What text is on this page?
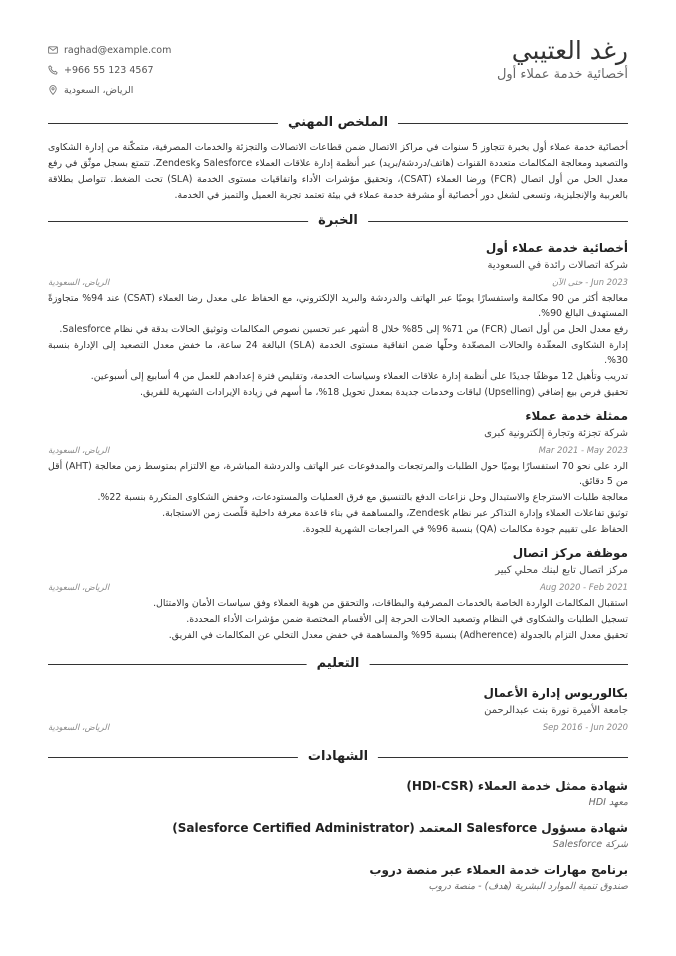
رغد العتيبي
أخصائية خدمة عملاء أول
raghad@example.com
+966 55 123 4567
الرياض، السعودية
الملخص المهني
أخصائية خدمة عملاء أول بخبرة تتجاوز 5 سنوات في مراكز الاتصال ضمن قطاعات الاتصالات والتجزئة والخدمات المصرفية، متمكّنة من إدارة الشكاوى والتصعيد ومعالجة المكالمات متعددة القنوات (هاتف/دردشة/بريد) عبر أنظمة إدارة علاقات العملاء Salesforce وZendesk. تتمتع بسجل موثّق في رفع معدل الحل من أول اتصال (FCR) ورضا العملاء (CSAT)، وتحقيق مؤشرات الأداء واتفاقيات مستوى الخدمة (SLA) تحت الضغط. تتواصل بطلاقة بالعربية والإنجليزية، وتسعى لشغل دور أخصائية أو مشرفة خدمة عملاء في بيئة تعتمد تجربة العميل والتميز في الخدمة.
الخبرة
أخصائية خدمة عملاء أول
شركة اتصالات رائدة في السعودية
Jun 2023 - حتى الآن
الرياض، السعودية
معالجة أكثر من 90 مكالمة واستفسارًا يوميًا عبر الهاتف والدردشة والبريد الإلكتروني، مع الحفاظ على معدل رضا العملاء (CSAT) عند 94% متجاوزةً المستهدف البالغ 90%.
رفع معدل الحل من أول اتصال (FCR) من 71% إلى 85% خلال 8 أشهر عبر تحسين نصوص المكالمات وتوثيق الحالات بدقة في نظام Salesforce.
إدارة الشكاوى المعقّدة والحالات المصعّدة وحلّها ضمن اتفاقية مستوى الخدمة (SLA) البالغة 24 ساعة، ما خفض معدل التصعيد إلى الإدارة بنسبة 30%.
تدريب وتأهيل 12 موظفًا جديدًا على أنظمة إدارة علاقات العملاء وسياسات الخدمة، وتقليص فترة إعدادهم للعمل من 4 أسابيع إلى أسبوعين.
تحقيق فرص بيع إضافي (Upselling) لباقات وخدمات جديدة بمعدل تحويل 18%، ما أسهم في زيادة الإيرادات الشهرية للفريق.
ممثلة خدمة عملاء
شركة تجزئة وتجارة إلكترونية كبرى
Mar 2021 - May 2023
الرياض، السعودية
الرد على نحو 70 استفسارًا يوميًا حول الطلبات والمرتجعات والمدفوعات عبر الهاتف والدردشة المباشرة، مع الالتزام بمتوسط زمن معالجة (AHT) أقل من 5 دقائق.
معالجة طلبات الاسترجاع والاستبدال وحل نزاعات الدفع بالتنسيق مع فرق العمليات والمستودعات، وخفض الشكاوى المتكررة بنسبة 22%.
توثيق تفاعلات العملاء وإدارة التذاكر عبر نظام Zendesk، والمساهمة في بناء قاعدة معرفة داخلية قلّصت زمن الاستجابة.
الحفاظ على تقييم جودة مكالمات (QA) بنسبة 96% في المراجعات الشهرية للجودة.
موظفة مركز اتصال
مركز اتصال تابع لبنك محلي كبير
Aug 2020 - Feb 2021
الرياض، السعودية
استقبال المكالمات الواردة الخاصة بالخدمات المصرفية والبطاقات، والتحقق من هوية العملاء وفق سياسات الأمان والامتثال.
تسجيل الطلبات والشكاوى في النظام وتصعيد الحالات الحرجة إلى الأقسام المختصة ضمن مؤشرات الأداء المحددة.
تحقيق معدل التزام بالجدولة (Adherence) بنسبة 95% والمساهمة في خفض معدل التخلي عن المكالمات في الفريق.
التعليم
بكالوريوس إدارة الأعمال
جامعة الأميرة نورة بنت عبدالرحمن
Sep 2016 - Jun 2020
الرياض، السعودية
الشهادات
شهادة ممثل خدمة العملاء (HDI-CSR)
معهد HDI
شهادة مسؤول Salesforce المعتمد (Salesforce Certified Administrator)
شركة Salesforce
برنامج مهارات خدمة العملاء عبر منصة دروب
صندوق تنمية الموارد البشرية (هدف) - منصة دروب
